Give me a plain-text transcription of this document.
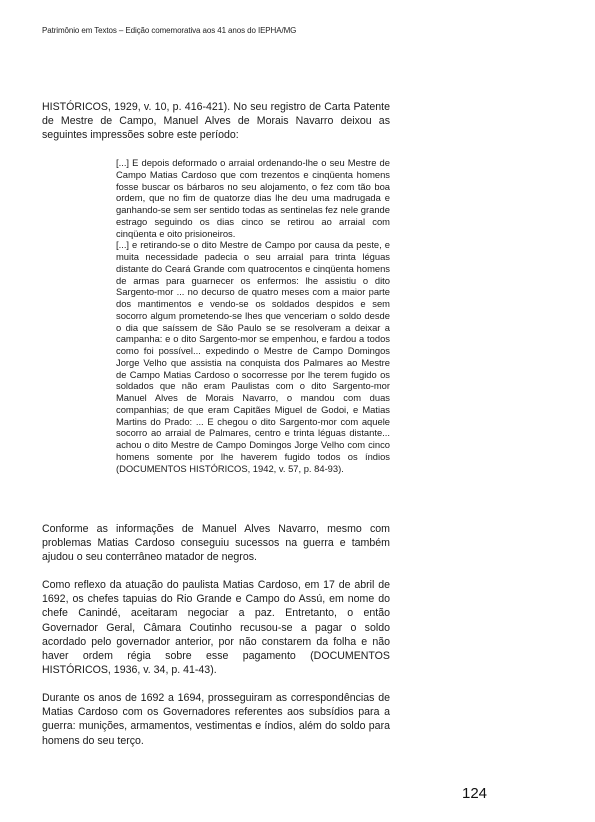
Patrimônio em Textos – Edição comemorativa aos 41 anos do IEPHA/MG

HISTÓRICOS, 1929, v. 10, p. 416-421). No seu registro de Carta Patente de Mestre de Campo, Manuel Alves de Morais Navarro deixou as seguintes impressões sobre este período:

[...] E depois deformado o arraial ordenando-lhe o seu Mestre de Campo Matias Cardoso que com trezentos e cinqüenta homens fosse buscar os bárbaros no seu alojamento, o fez com tão boa ordem, que no fim de quatorze dias lhe deu uma madrugada e ganhando-se sem ser sentido todas as sentinelas fez nele grande estrago seguindo os dias cinco se retirou ao arraial com cinqüenta e oito prisioneiros.

[...] e retirando-se o dito Mestre de Campo por causa da peste, e muita necessidade padecia o seu arraial para trinta léguas distante do Ceará Grande com quatrocentos e cinqüenta homens de armas para guarnecer os enfermos: lhe assistiu o dito Sargento-mor ... no decurso de quatro meses com a maior parte dos mantimentos e vendo-se os soldados despidos e sem socorro algum prometendo-se lhes que venceriam o soldo desde o dia que saíssem de São Paulo se se resolveram a deixar a campanha: e o dito Sargento-mor se empenhou, e fardou a todos como foi possível... expedindo o Mestre de Campo Domingos Jorge Velho que assistia na conquista dos Palmares ao Mestre de Campo Matias Cardoso o socorresse por lhe terem fugido os soldados que não eram Paulistas com o dito Sargento-mor Manuel Alves de Morais Navarro, o mandou com duas companhias; de que eram Capitães Miguel de Godoi, e Matias Martins do Prado: ... E chegou o dito Sargento-mor com aquele socorro ao arraial de Palmares, centro e trinta léguas distante... achou o dito Mestre de Campo Domingos Jorge Velho com cinco homens somente por lhe haverem fugido todos os índios (DOCUMENTOS HISTÓRICOS, 1942, v. 57, p. 84-93).

Conforme as informações de Manuel Alves Navarro, mesmo com problemas Matias Cardoso conseguiu sucessos na guerra e também ajudou o seu conterrâneo matador de negros.

Como reflexo da atuação do paulista Matias Cardoso, em 17 de abril de 1692, os chefes tapuias do Rio Grande e Campo do Assú, em nome do chefe Canindé, aceitaram negociar a paz. Entretanto, o então Governador Geral, Câmara Coutinho recusou-se a pagar o soldo acordado pelo governador anterior, por não constarem da folha e não haver ordem régia sobre esse pagamento (DOCUMENTOS HISTÓRICOS, 1936, v. 34, p. 41-43).

Durante os anos de 1692 a 1694, prosseguiram as correspondências de Matias Cardoso com os Governadores referentes aos subsídios para a guerra: munições, armamentos, vestimentas e índios, além do soldo para homens do seu terço.

124
